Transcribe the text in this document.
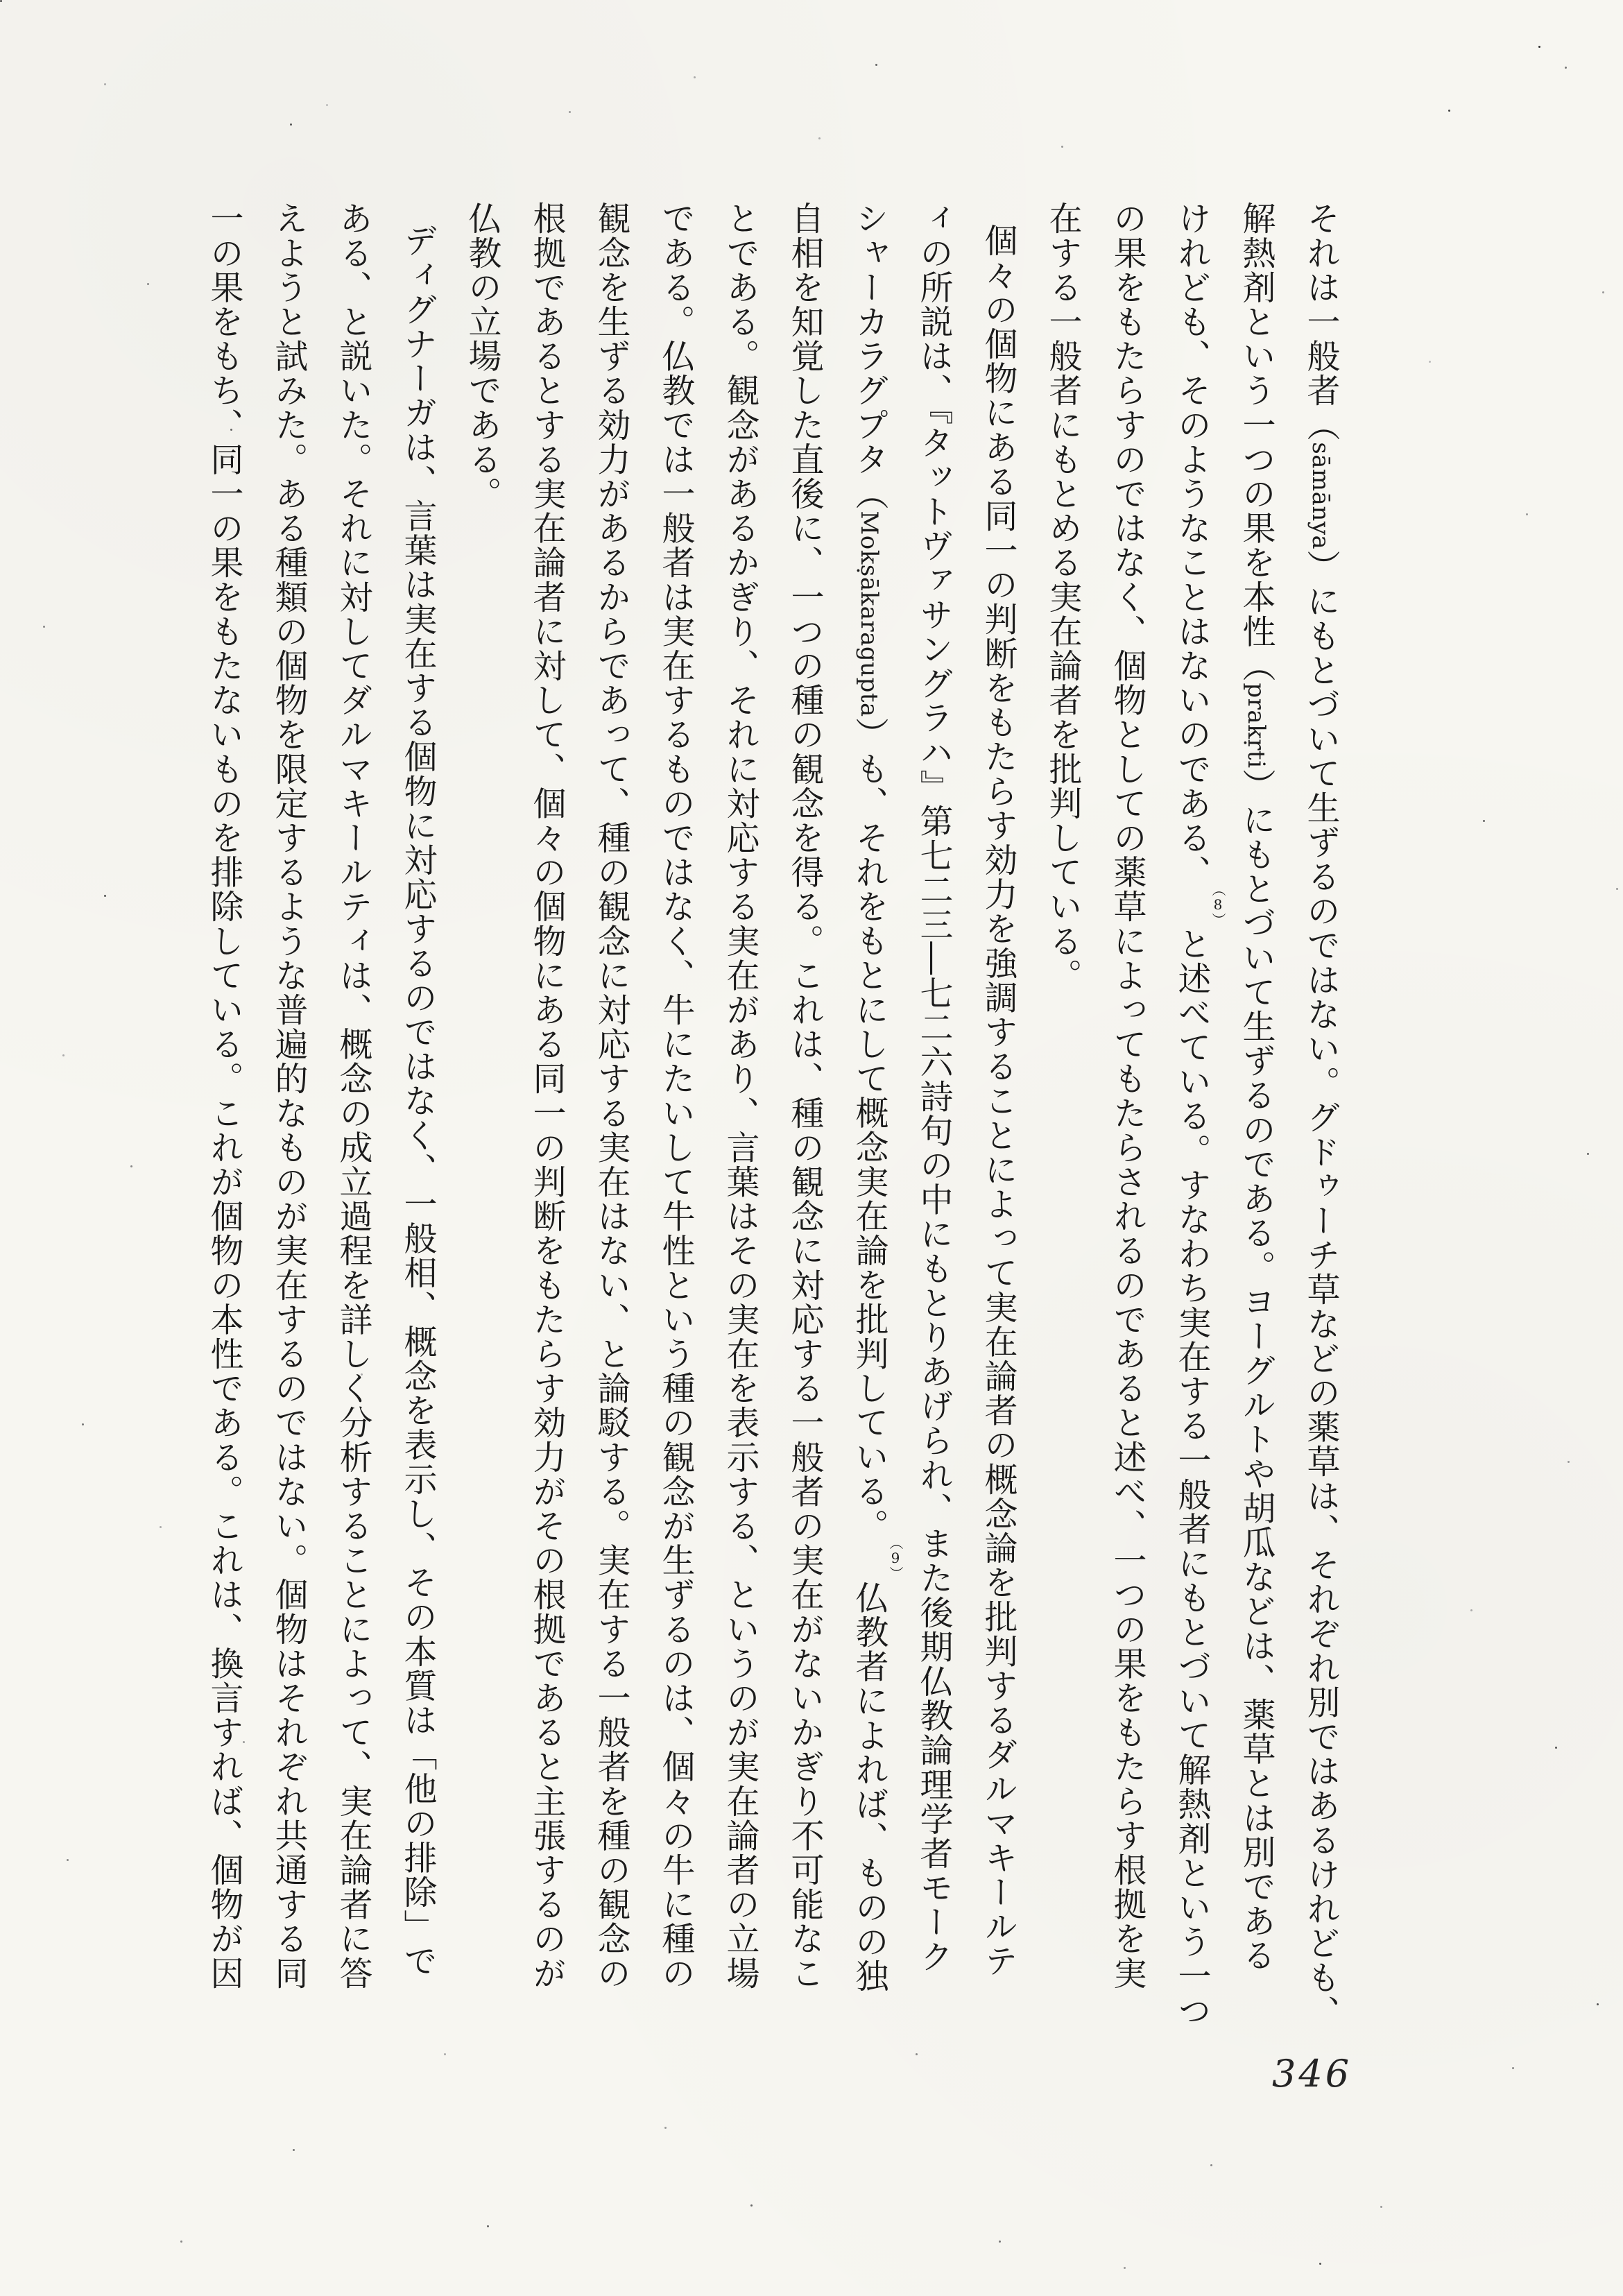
それは一般者（sāmānya）にもとづいて生ずるのではない。グドゥーチ草などの薬草は、それぞれ別ではあるけれども、
解熱剤という一つの果を本性（prakṛti）にもとづいて生ずるのである。ヨーグルトや胡瓜などは、薬草とは別である
けれども、そのようなことはないのである、（8）と述べている。すなわち実在する一般者にもとづいて解熱剤という一つ
の果をもたらすのではなく、個物としての薬草によってもたらされるのであると述べ、一つの果をもたらす根拠を実
在する一般者にもとめる実在論者を批判している。
個々の個物にある同一の判断をもたらす効力を強調することによって実在論者の概念論を批判するダルマキールテ
ィの所説は、『タットヴァサングラハ』第七二三―七二六詩句の中にもとりあげられ、また後期仏教論理学者モーク
シャーカラグプタ（Mokṣākaragupta）も、それをもとにして概念実在論を批判している。（9）仏教者によれば、ものの独
自相を知覚した直後に、一つの種の観念を得る。これは、種の観念に対応する一般者の実在がないかぎり不可能なこ
とである。観念があるかぎり、それに対応する実在があり、言葉はその実在を表示する、というのが実在論者の立場
である。仏教では一般者は実在するものではなく、牛にたいして牛性という種の観念が生ずるのは、個々の牛に種の
観念を生ずる効力があるからであって、種の観念に対応する実在はない、と論駁する。実在する一般者を種の観念の
根拠であるとする実在論者に対して、個々の個物にある同一の判断をもたらす効力がその根拠であると主張するのが
仏教の立場である。
ディグナーガは、言葉は実在する個物に対応するのではなく、一般相、概念を表示し、その本質は「他の排除」で
ある、と説いた。それに対してダルマキールティは、概念の成立過程を詳しく分析することによって、実在論者に答
えようと試みた。ある種類の個物を限定するような普遍的なものが実在するのではない。個物はそれぞれ共通する同
一の果をもち、同一の果をもたないものを排除している。これが個物の本性である。これは、換言すれば、個物が因
346
